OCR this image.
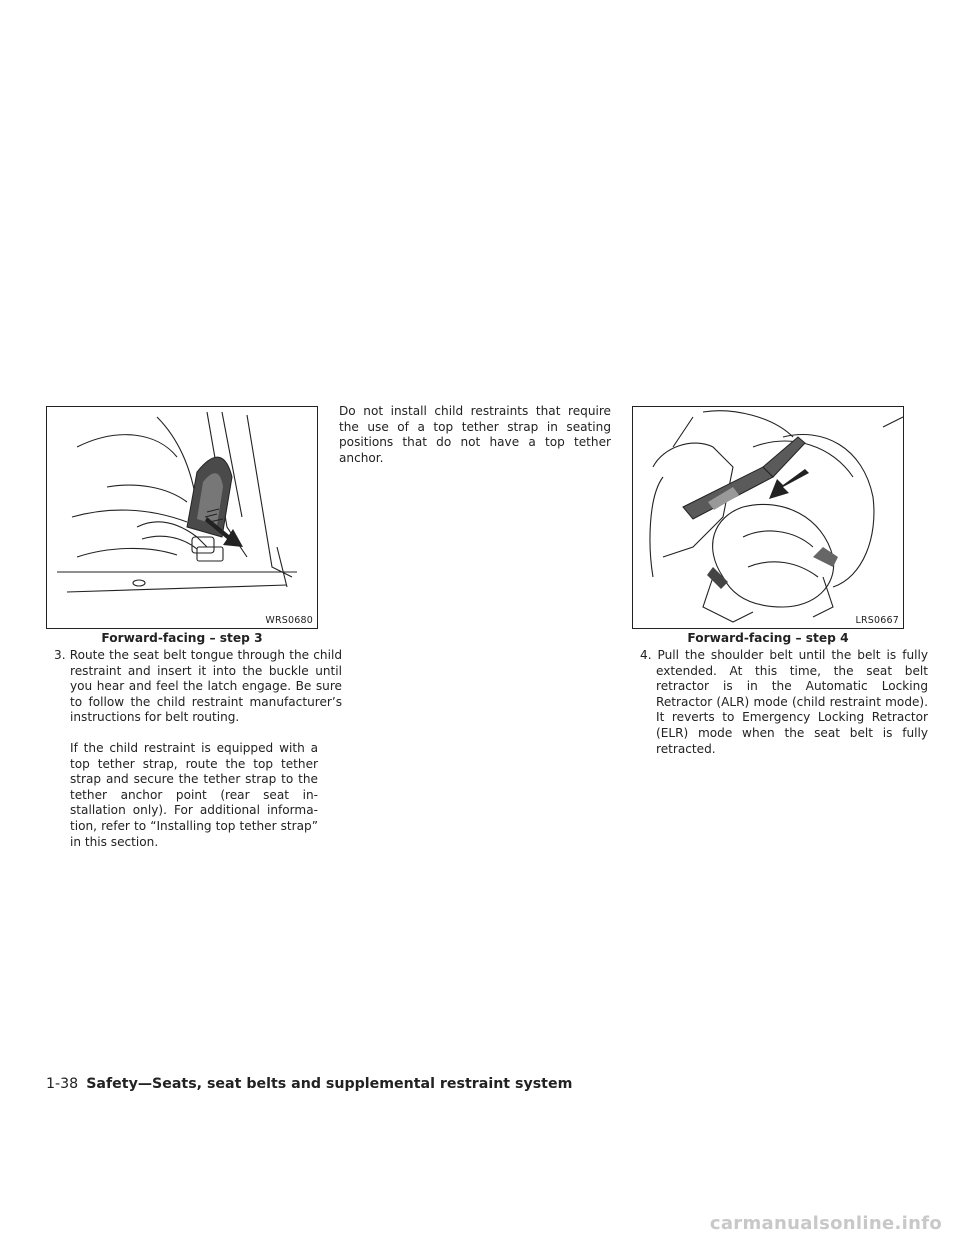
WRS0680
Forward-facing – step 3

3. Route the seat belt tongue through the child restraint and insert it into the buckle until you hear and feel the latch engage. Be sure to follow the child restraint manufacturer’s instructions for belt routing.

If the child restraint is equipped with a top tether strap, route the top tether strap and secure the tether strap to the tether anchor point (rear seat installation only). For additional information, refer to “Installing top tether strap” in this section.

Do not install child restraints that require the use of a top tether strap in seating positions that do not have a top tether anchor.

LRS0667
Forward-facing – step 4

4. Pull the shoulder belt until the belt is fully extended. At this time, the seat belt retractor is in the Automatic Locking Retractor (ALR) mode (child restraint mode). It reverts to Emergency Locking Retractor (ELR) mode when the seat belt is fully retracted.

1-38 Safety—Seats, seat belts and supplemental restraint system
carmanualsonline.info
